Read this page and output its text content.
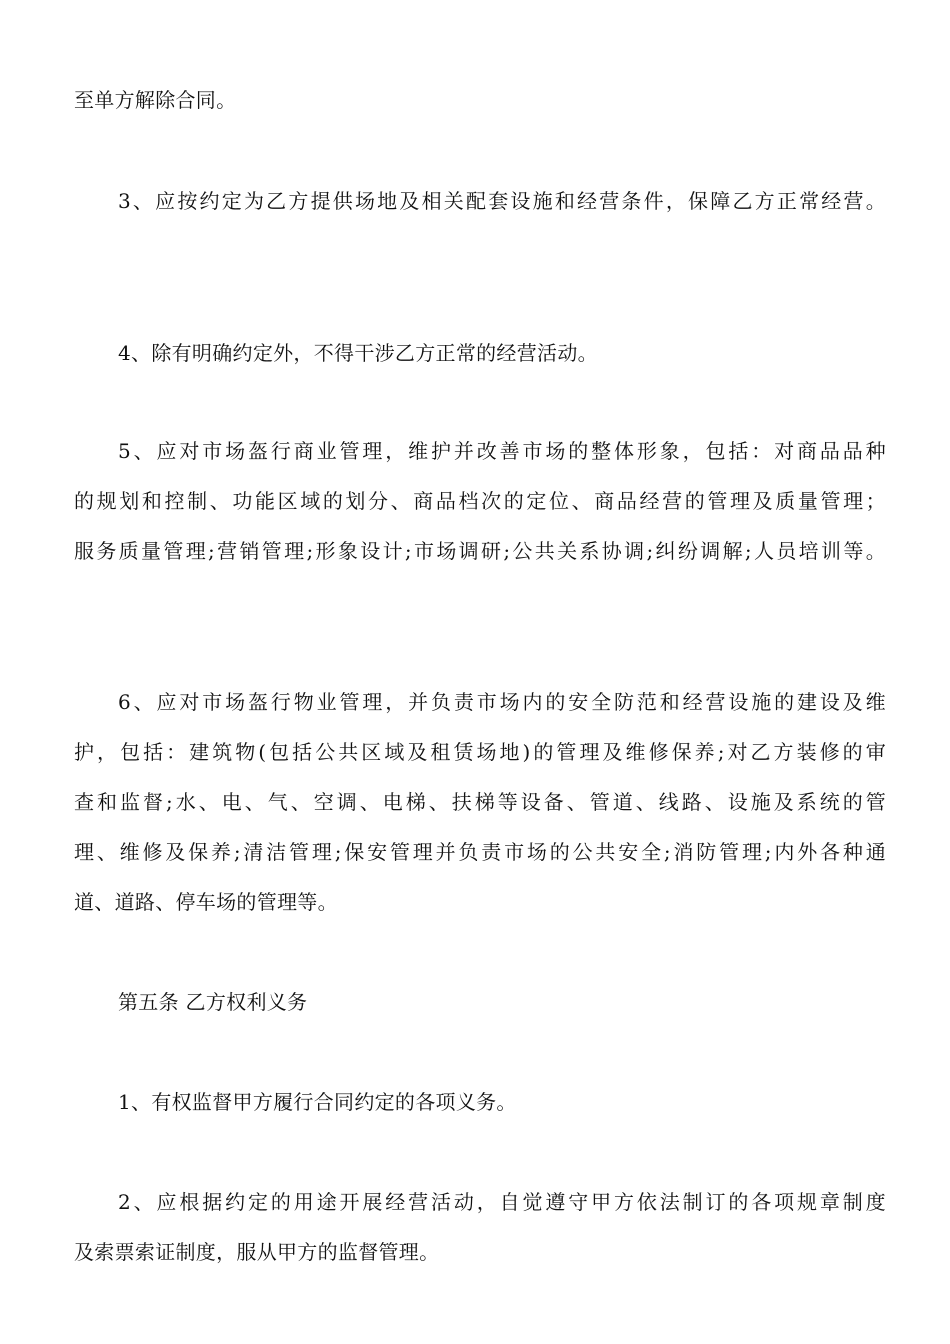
至单方解除合同。
3、应按约定为乙方提供场地及相关配套设施和经营条件，保障乙方正常经营。
4、除有明确约定外，不得干涉乙方正常的经营活动。
5、应对市场盔行商业管理，维护并改善市场的整体形象，包括：对商品品种
的规划和控制、功能区域的划分、商品档次的定位、商品经营的管理及质量管理；
服务质量管理;营销管理;形象设计;市场调研;公共关系协调;纠纷调解;人员培训等。
6、应对市场盔行物业管理，并负责市场内的安全防范和经营设施的建设及维
护，包括：建筑物(包括公共区域及租赁场地)的管理及维修保养;对乙方装修的审
查和监督;水、电、气、空调、电梯、扶梯等设备、管道、线路、设施及系统的管
理、维修及保养;清洁管理;保安管理并负责市场的公共安全;消防管理;内外各种通
道、道路、停车场的管理等。
第五条 乙方权利义务
1、有权监督甲方履行合同约定的各项义务。
2、应根据约定的用途开展经营活动，自觉遵守甲方依法制订的各项规章制度
及索票索证制度，服从甲方的监督管理。
